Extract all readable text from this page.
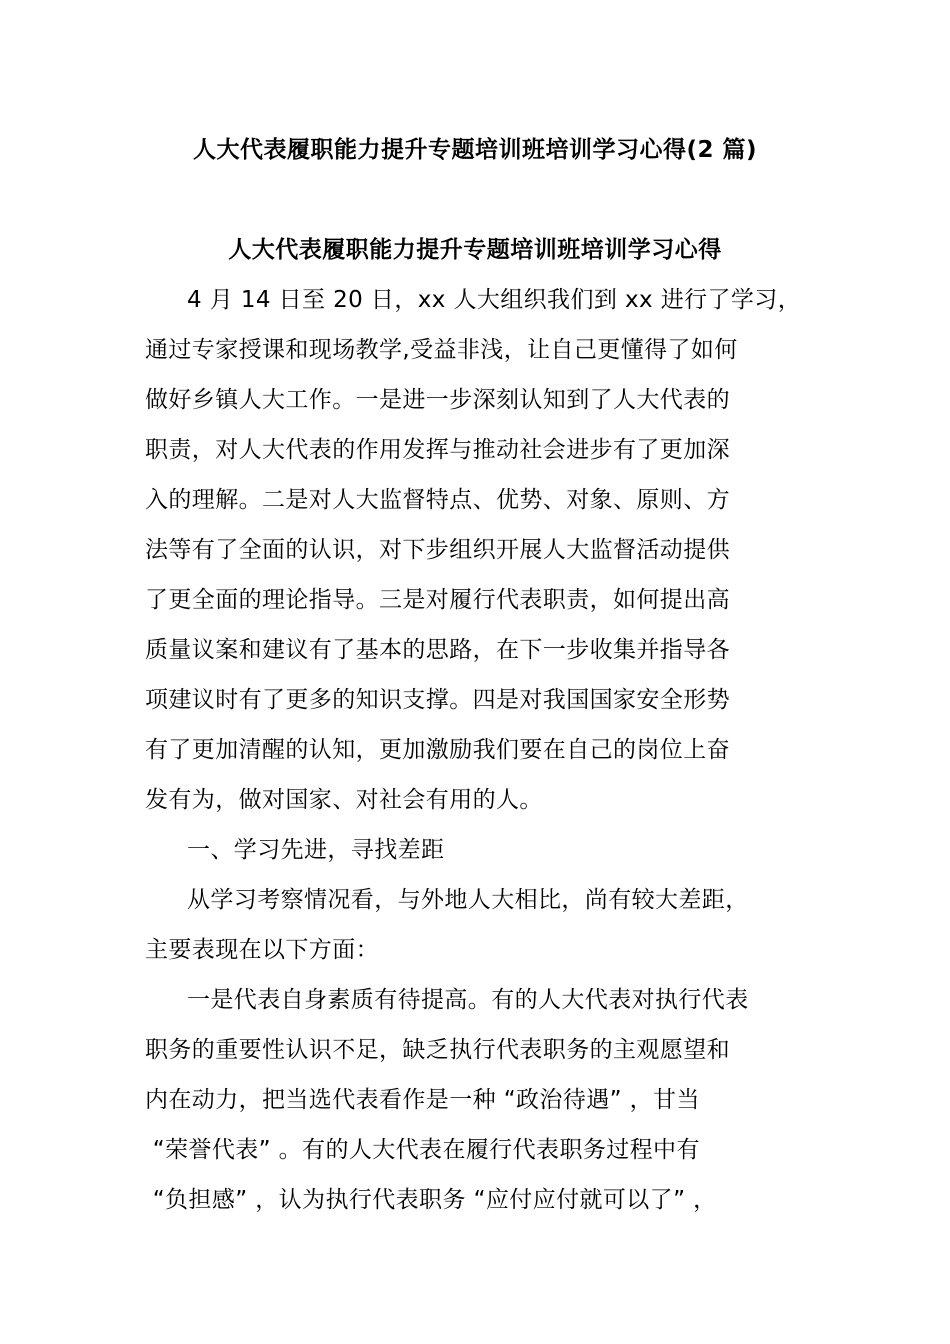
人大代表履职能力提升专题培训班培训学习心得(2 篇)
人大代表履职能力提升专题培训班培训学习心得
4 月 14 日至 20 日，xx 人大组织我们到 xx 进行了学习，
通过专家授课和现场教学,受益非浅，让自己更懂得了如何
做好乡镇人大工作。一是进一步深刻认知到了人大代表的
职责，对人大代表的作用发挥与推动社会进步有了更加深
入的理解。二是对人大监督特点、优势、对象、原则、方
法等有了全面的认识，对下步组织开展人大监督活动提供
了更全面的理论指导。三是对履行代表职责，如何提出高
质量议案和建议有了基本的思路，在下一步收集并指导各
项建议时有了更多的知识支撑。四是对我国国家安全形势
有了更加清醒的认知，更加激励我们要在自己的岗位上奋
发有为，做对国家、对社会有用的人。
一、学习先进，寻找差距
从学习考察情况看，与外地人大相比，尚有较大差距，
主要表现在以下方面：
一是代表自身素质有待提高。有的人大代表对执行代表
职务的重要性认识不足，缺乏执行代表职务的主观愿望和
内在动力，把当选代表看作是一种 “政治待遇” ，甘当
“荣誉代表” 。有的人大代表在履行代表职务过程中有
“负担感” ，认为执行代表职务 “应付应付就可以了” ，
